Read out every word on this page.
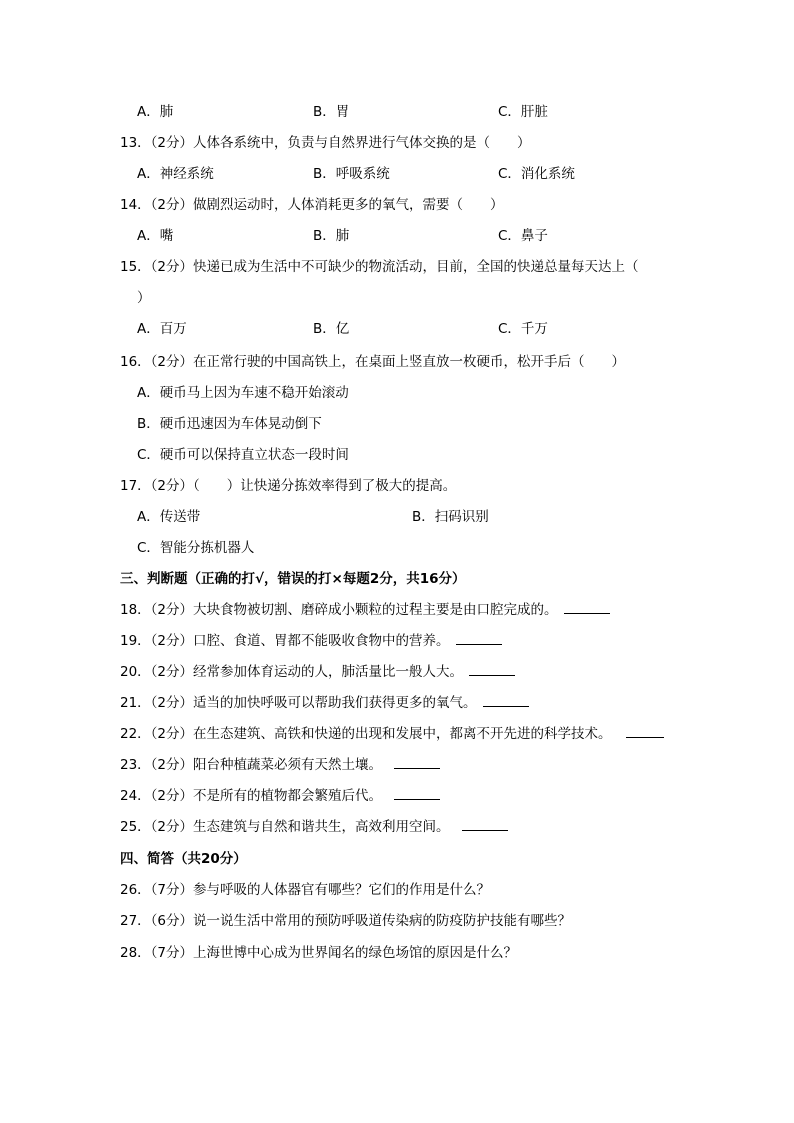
A．肺	B．胃	C．肝脏
13．（2分）人体各系统中，负责与自然界进行气体交换的是（　　）
A．神经系统	B．呼吸系统	C．消化系统
14．（2分）做剧烈运动时，人体消耗更多的氧气，需要（　　）
A．嘴	B．肺	C．鼻子
15．（2分）快递已成为生活中不可缺少的物流活动，目前，全国的快递总量每天达上（
）
A．百万	B．亿	C．千万
16．（2分）在正常行驶的中国高铁上，在桌面上竖直放一枚硬币，松开手后（　　）
A．硬币马上因为车速不稳开始滚动
B．硬币迅速因为车体晃动倒下
C．硬币可以保持直立状态一段时间
17．（2分）（　　）让快递分拣效率得到了极大的提高。
A．传送带	B．扫码识别
C．智能分拣机器人
三、判断题（正确的打√，错误的打×每题2分，共16分）
18．（2分）大块食物被切割、磨碎成小颗粒的过程主要是由口腔完成的。
19．（2分）口腔、食道、胃都不能吸收食物中的营养。
20．（2分）经常参加体育运动的人，肺活量比一般人大。
21．（2分）适当的加快呼吸可以帮助我们获得更多的氧气。
22．（2分）在生态建筑、高铁和快递的出现和发展中，都离不开先进的科学技术。
23．（2分）阳台种植蔬菜必须有天然土壤。
24．（2分）不是所有的植物都会繁殖后代。
25．（2分）生态建筑与自然和谐共生，高效利用空间。
四、简答（共20分）
26．（7分）参与呼吸的人体器官有哪些？它们的作用是什么？
27．（6分）说一说生活中常用的预防呼吸道传染病的防疫防护技能有哪些？
28．（7分）上海世博中心成为世界闻名的绿色场馆的原因是什么？
